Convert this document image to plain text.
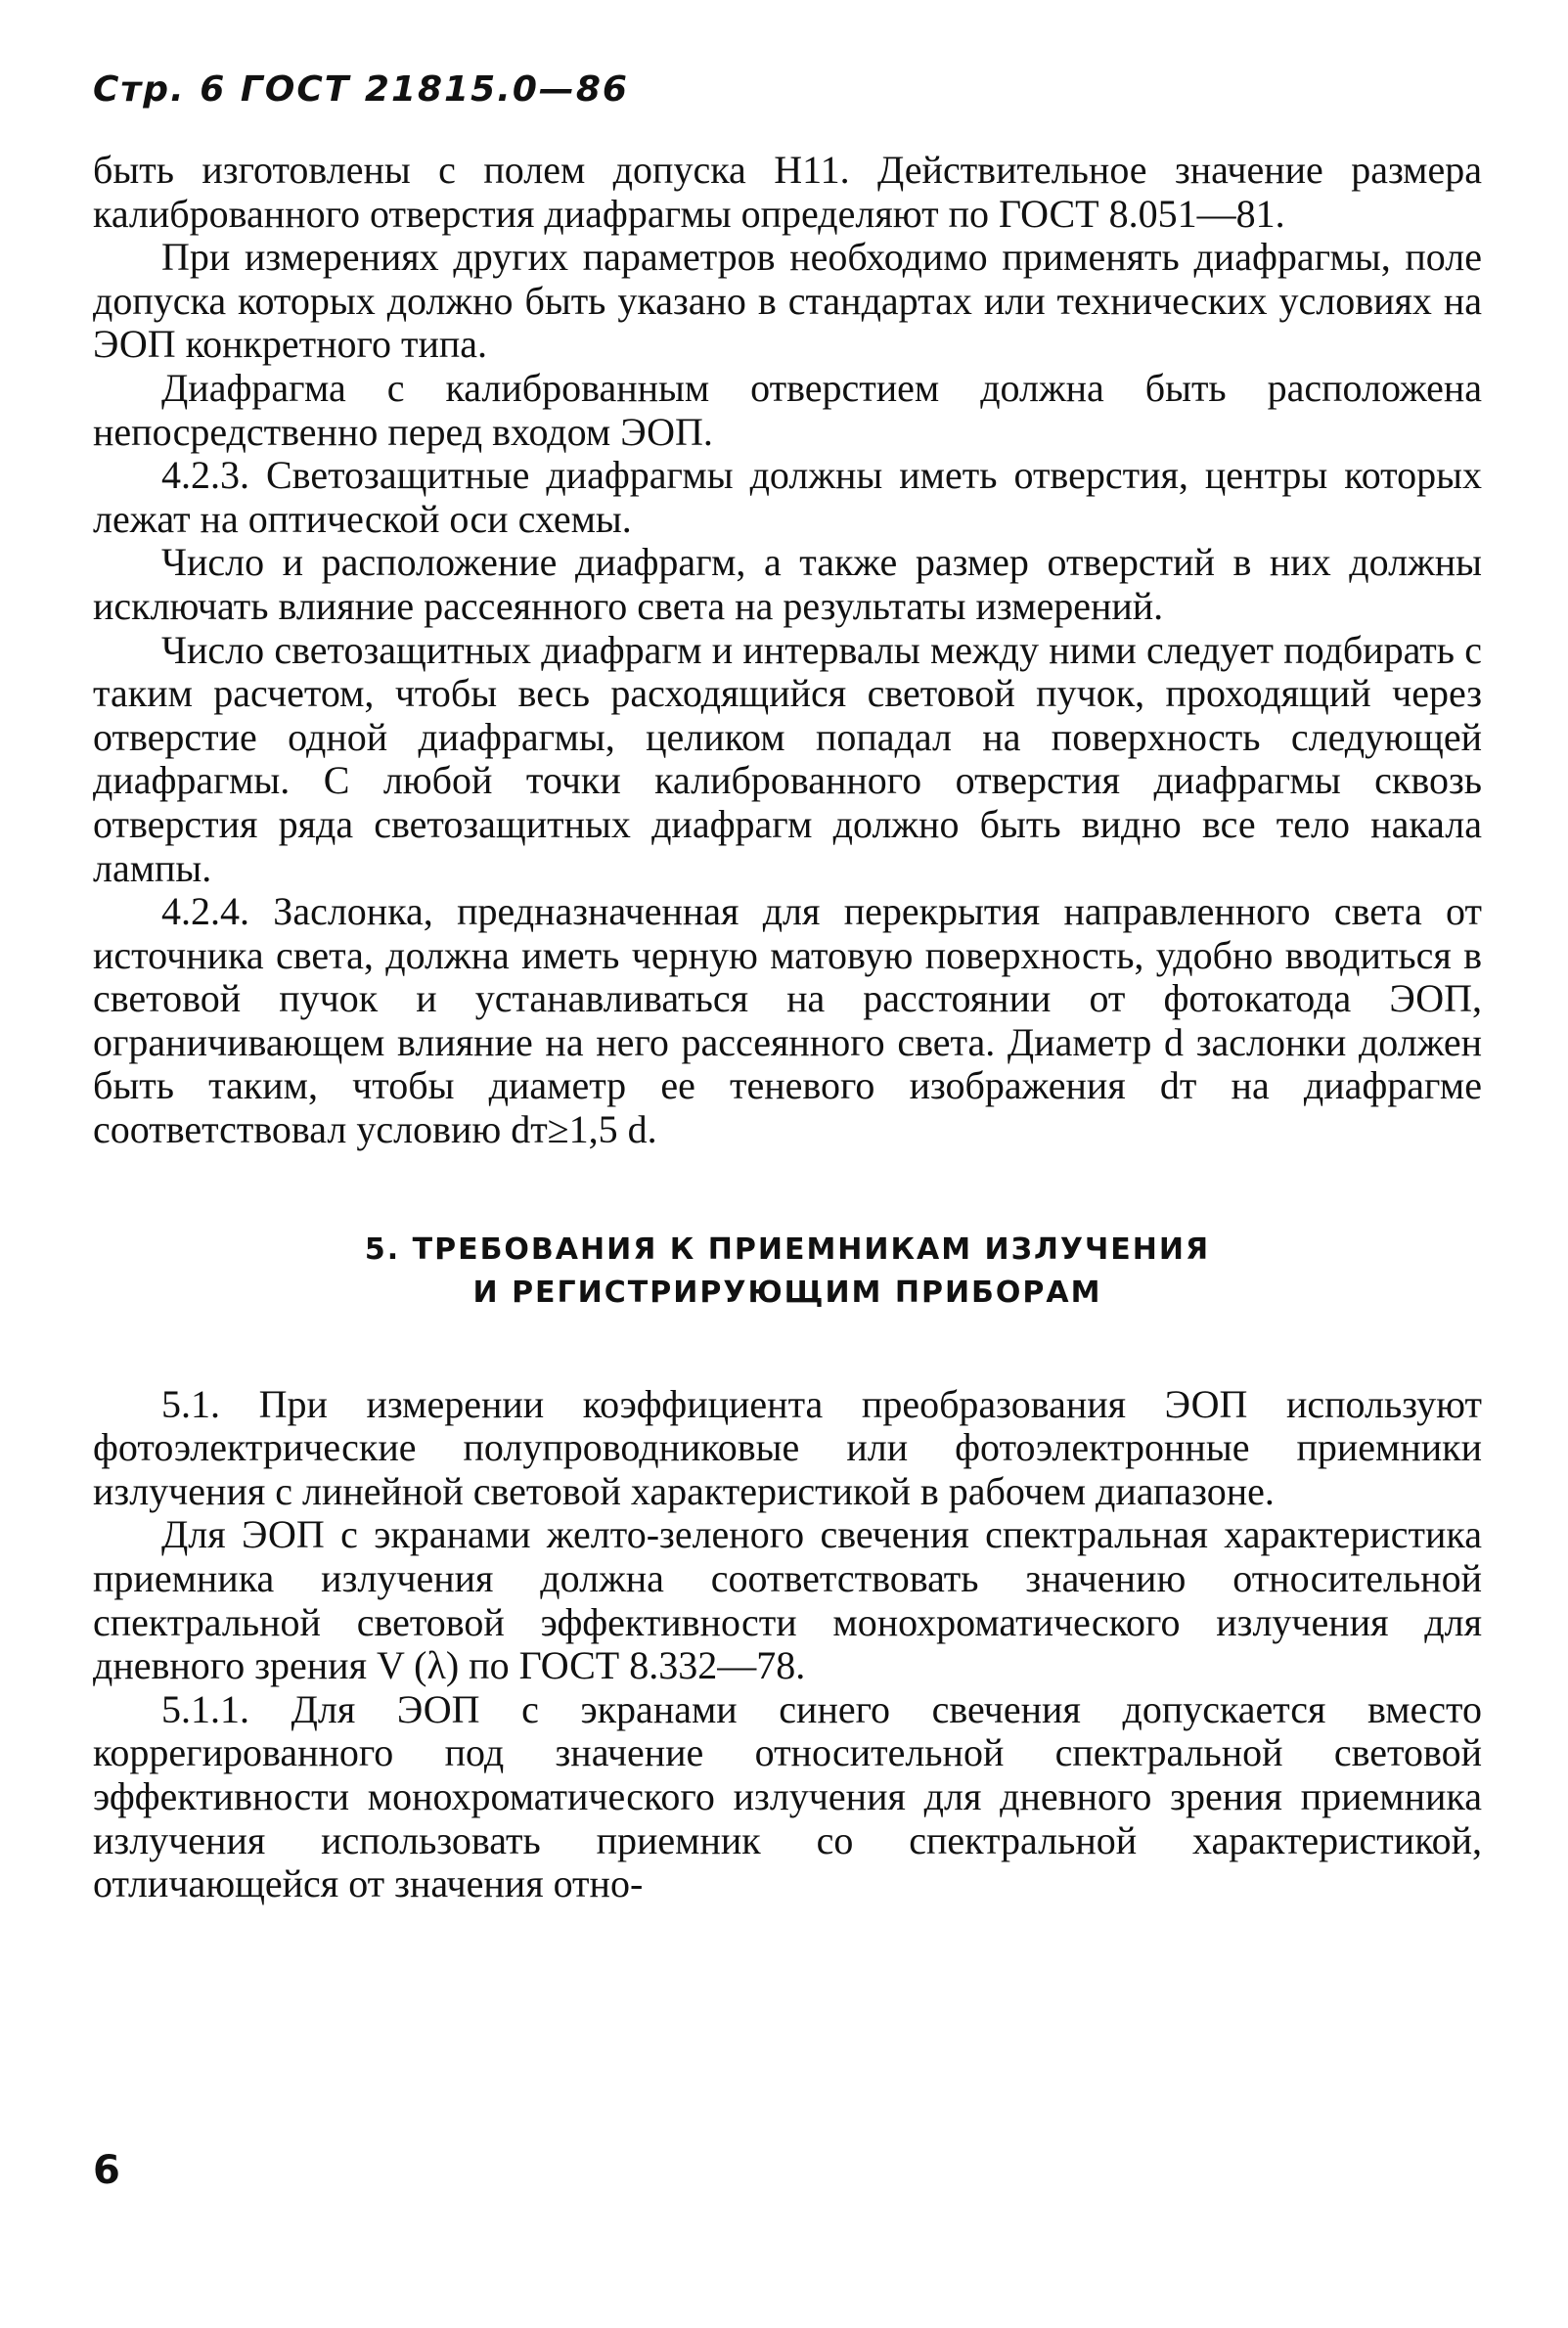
Стр. 6 ГОСТ 21815.0—86

быть изготовлены с полем допуска H11. Действительное значение размера калиброванного отверстия диафрагмы определяют по ГОСТ 8.051—81.

При измерениях других параметров необходимо применять диафрагмы, поле допуска которых должно быть указано в стандартах или технических условиях на ЭОП конкретного типа.

Диафрагма с калиброванным отверстием должна быть расположена непосредственно перед входом ЭОП.

4.2.3. Светозащитные диафрагмы должны иметь отверстия, центры которых лежат на оптической оси схемы.

Число и расположение диафрагм, а также размер отверстий в них должны исключать влияние рассеянного света на результаты измерений.

Число светозащитных диафрагм и интервалы между ними следует подбирать с таким расчетом, чтобы весь расходящийся световой пучок, проходящий через отверстие одной диафрагмы, целиком попадал на поверхность следующей диафрагмы. С любой точки калиброванного отверстия диафрагмы сквозь отверстия ряда светозащитных диафрагм должно быть видно все тело накала лампы.

4.2.4. Заслонка, предназначенная для перекрытия направленного света от источника света, должна иметь черную матовую поверхность, удобно вводиться в световой пучок и устанавливаться на расстоянии от фотокатода ЭОП, ограничивающем влияние на него рассеянного света. Диаметр d заслонки должен быть таким, чтобы диаметр ее теневого изображения dт на диафрагме соответствовал условию dт≥1,5 d.

5. ТРЕБОВАНИЯ К ПРИЕМНИКАМ ИЗЛУЧЕНИЯ
И РЕГИСТРИРУЮЩИМ ПРИБОРАМ

5.1. При измерении коэффициента преобразования ЭОП используют фотоэлектрические полупроводниковые или фотоэлектронные приемники излучения с линейной световой характеристикой в рабочем диапазоне.

Для ЭОП с экранами желто-зеленого свечения спектральная характеристика приемника излучения должна соответствовать значению относительной спектральной световой эффективности монохроматического излучения для дневного зрения V (λ) по ГОСТ 8.332—78.

5.1.1. Для ЭОП с экранами синего свечения допускается вместо коррегированного под значение относительной спектральной световой эффективности монохроматического излучения для дневного зрения приемника излучения использовать приемник со спектральной характеристикой, отличающейся от значения отно-

6
